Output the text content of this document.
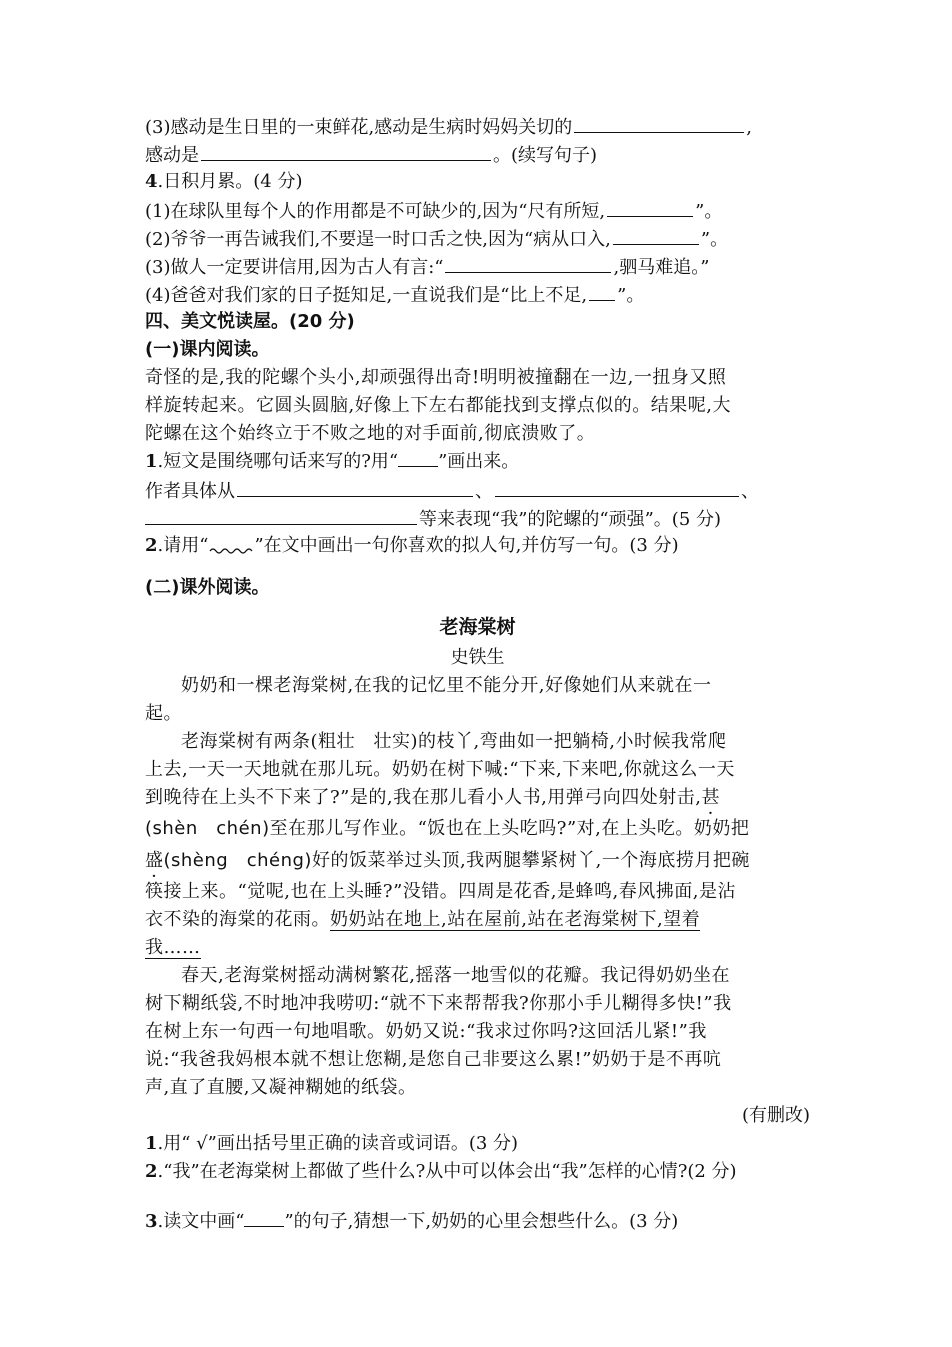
(3)感动是生日里的一束鲜花,感动是生病时妈妈关切的	,
感动是	。(续写句子)
4.日积月累。(4 分)
(1)在球队里每个人的作用都是不可缺少的,因为“尺有所短,	”。
(2)爷爷一再告诫我们,不要逞一时口舌之快,因为“病从口入,	”。
(3)做人一定要讲信用,因为古人有言:“	,驷马难追。”
(4)爸爸对我们家的日子挺知足,一直说我们是“比上不足, ”。
四、美文悦读屋。(20 分)
(一)课内阅读。
奇怪的是,我的陀螺个头小,却顽强得出奇!明明被撞翻在一边,一扭身又照
样旋转起来。它圆头圆脑,好像上下左右都能找到支撑点似的。结果呢,大
陀螺在这个始终立于不败之地的对手面前,彻底溃败了。
1.短文是围绕哪句话来写的?用“ ”画出来。
作者具体从	、	、
等来表现“我”的陀螺的“顽强”。(5 分)
2.请用“	”在文中画出一句你喜欢的拟人句,并仿写一句。(3 分)
(二)课外阅读。
老海棠树
史铁生
奶奶和一棵老海棠树,在我的记忆里不能分开,好像她们从来就在一
起。
老海棠树有两条(粗壮　壮实)的枝丫,弯曲如一把躺椅,小时候我常爬
上去,一天一天地就在那儿玩。奶奶在树下喊:“下来,下来吧,你就这么一天
到晚待在上头不下来了?”是的,我在那儿看小人书,用弹弓向四处射击,甚
(shèn　chén)至在那儿写作业。“饭也在上头吃吗?”对,在上头吃。奶奶把
盛(shèng　chéng)好的饭菜举过头顶,我两腿攀紧树丫,一个海底捞月把碗
筷接上来。“觉呢,也在上头睡?”没错。四周是花香,是蜂鸣,春风拂面,是沾
衣不染的海棠的花雨。奶奶站在地上,站在屋前,站在老海棠树下,望着
我……
春天,老海棠树摇动满树繁花,摇落一地雪似的花瓣。我记得奶奶坐在
树下糊纸袋,不时地冲我唠叨:“就不下来帮帮我?你那小手儿糊得多快!”我
在树上东一句西一句地唱歌。奶奶又说:“我求过你吗?这回活儿紧!”我
说:“我爸我妈根本就不想让您糊,是您自己非要这么累!”奶奶于是不再吭
声,直了直腰,又凝神糊她的纸袋。
(有删改)
1.用“ √”画出括号里正确的读音或词语。(3 分)
2.“我”在老海棠树上都做了些什么?从中可以体会出“我”怎样的心情?(2 分)
3.读文中画“ ”的句子,猜想一下,奶奶的心里会想些什么。(3 分)
